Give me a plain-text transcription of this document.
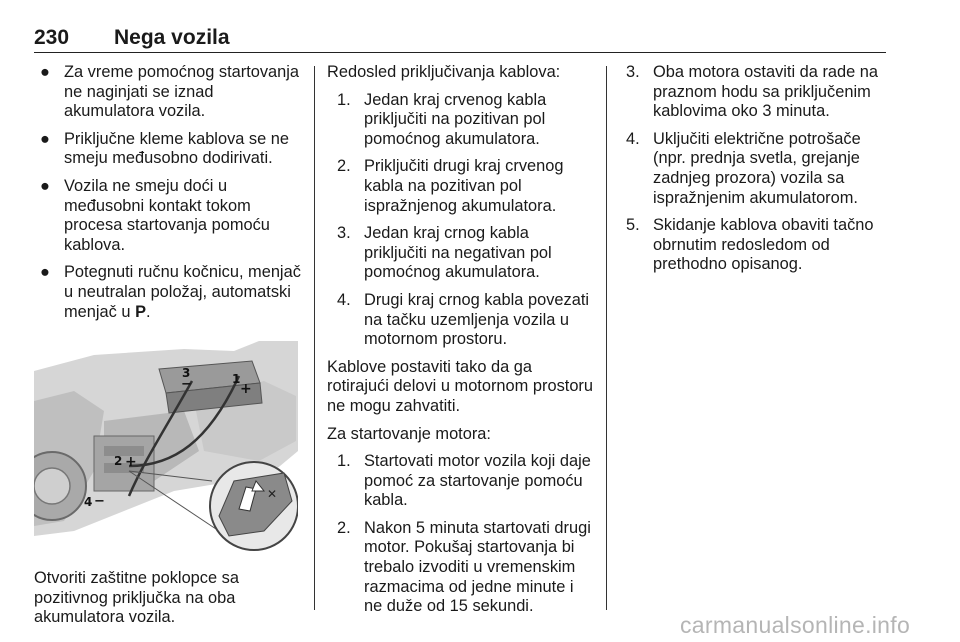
230 Nega vozila
● Za vreme pomoćnog startovanja ne naginjati se iznad akumulatora vozila.
● Priključne kleme kablova se ne smeju međusobno dodirivati.
● Vozila ne smeju doći u međusobni kontakt tokom procesa startovanja pomoću kablova.
● Potegnuti ručnu kočnicu, menjač u neutralan položaj, automatski menjač u P.
✕
3
−	1
+
2 +
4 −

Otvoriti zaštitne poklopce sa pozitivnog priključka na oba akumulatora vozila.

Redosled priključivanja kablova:

1. Jedan kraj crvenog kabla priključiti na pozitivan pol pomoćnog akumulatora.
2. Priključiti drugi kraj crvenog kabla na pozitivan pol ispražnjenog akumulatora.
3. Jedan kraj crnog kabla priključiti na negativan pol pomoćnog akumulatora.
4. Drugi kraj crnog kabla povezati na tačku uzemljenja vozila u motornom prostoru.

Kablove postaviti tako da ga rotirajući delovi u motornom prostoru ne mogu zahvatiti.

Za startovanje motora:

1. Startovati motor vozila koji daje pomoć za startovanje pomoću kabla.
2. Nakon 5 minuta startovati drugi motor. Pokušaj startovanja bi trebalo izvoditi u vremenskim razmacima od jedne minute i ne duže od 15 sekundi.
3. Oba motora ostaviti da rade na praznom hodu sa priključenim kablovima oko 3 minuta.
4. Uključiti električne potrošače (npr. prednja svetla, grejanje zadnjeg prozora) vozila sa ispražnjenim akumulatorom.
5. Skidanje kablova obaviti tačno obrnutim redosledom od prethodno opisanog.
carmanualsonline.info
